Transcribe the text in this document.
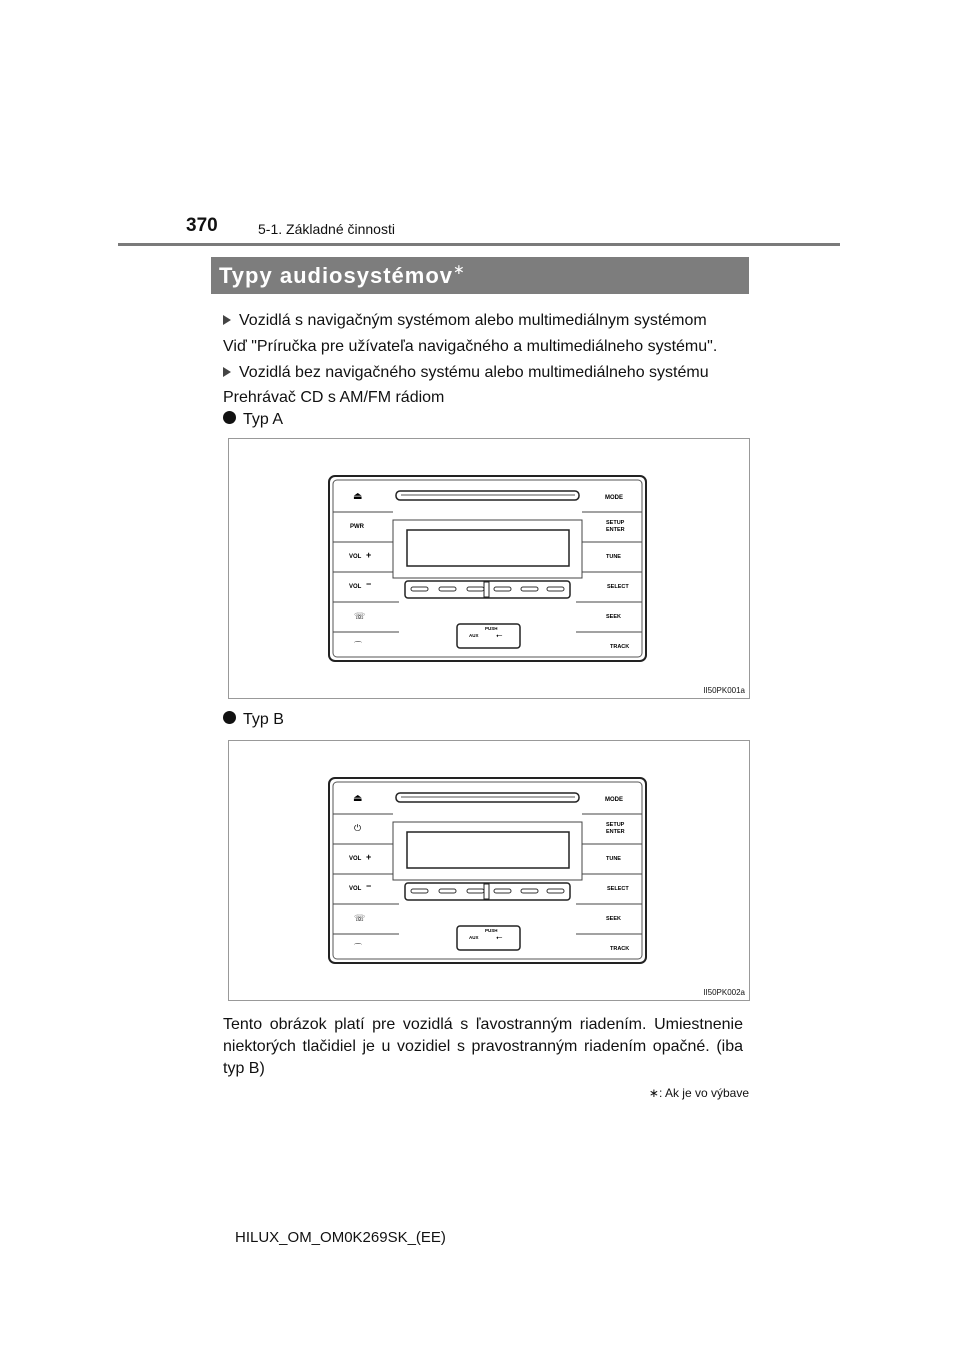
370	5-1. Základné činnosti
Typy audiosystémov∗
Vozidlá s navigačným systémom alebo multimediálnym systémom
Viď "Príručka pre užívateľa navigačného a multimediálneho systému".
Vozidlá bez navigačného systému alebo multimediálneho systému
Prehrávač CD s AM/FM rádiom
Typ A
PUSH
AUX ⭠
⏏
PWR
VOL +
VOL −
☏
⌒
MODE
SETUP
ENTER
TUNE
SELECT
SEEK
TRACK
II50PK001a
Typ B
PUSH
AUX ⭠
⏏
⏻
VOL +
VOL −
☏
⌒
MODE
SETUP
ENTER
TUNE
SELECT
SEEK
TRACK
II50PK002a
Tento obrázok platí pre vozidlá s ľavostranným riadením. Umiestnenie niektorých tlačidiel je u vozidiel s pravostranným riadením opačné. (iba typ B)
∗: Ak je vo výbave
HILUX_OM_OM0K269SK_(EE)
